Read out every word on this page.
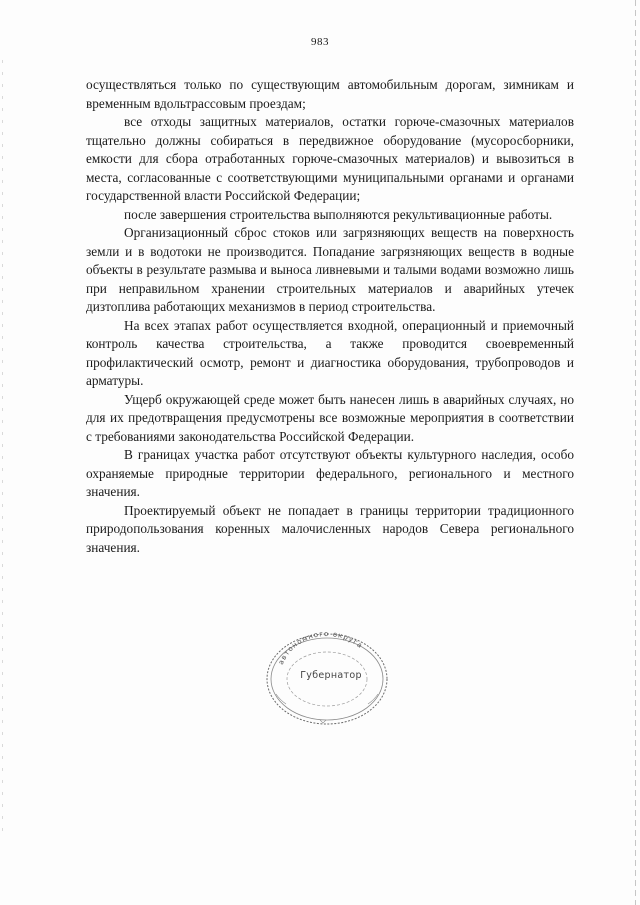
983

осуществляться только по существующим автомобильным дорогам, зимникам и временным вдольтрассовым проездам;

все отходы защитных материалов, остатки горюче-смазочных материалов тщательно должны собираться в передвижное оборудование (мусоросборники, емкости для сбора отработанных горюче-смазочных материалов) и вывозиться в места, согласованные с соответствующими муниципальными органами и органами государственной власти Российской Федерации;

после завершения строительства выполняются рекультивационные работы.

Организационный сброс стоков или загрязняющих веществ на поверхность земли и в водотоки не производится. Попадание загрязняющих веществ в водные объекты в результате размыва и выноса ливневыми и талыми водами возможно лишь при неправильном хранении строительных материалов и аварийных утечек дизтоплива работающих механизмов в период строительства.

На всех этапах работ осуществляется входной, операционный и приемочный контроль качества строительства, а также проводится своевременный профилактический осмотр, ремонт и диагностика оборудования, трубопроводов и арматуры.

Ущерб окружающей среде может быть нанесен лишь в аварийных случаях, но для их предотвращения предусмотрены все возможные мероприятия в соответствии с требованиями законодательства Российской Федерации.

В границах участка работ отсутствуют объекты культурного наследия, особо охраняемые природные территории федерального, регионального и местного значения.

Проектируемый объект не попадает в границы территории традиционного природопользования коренных малочисленных народов Севера регионального значения.

автономного округа
Губернатор
